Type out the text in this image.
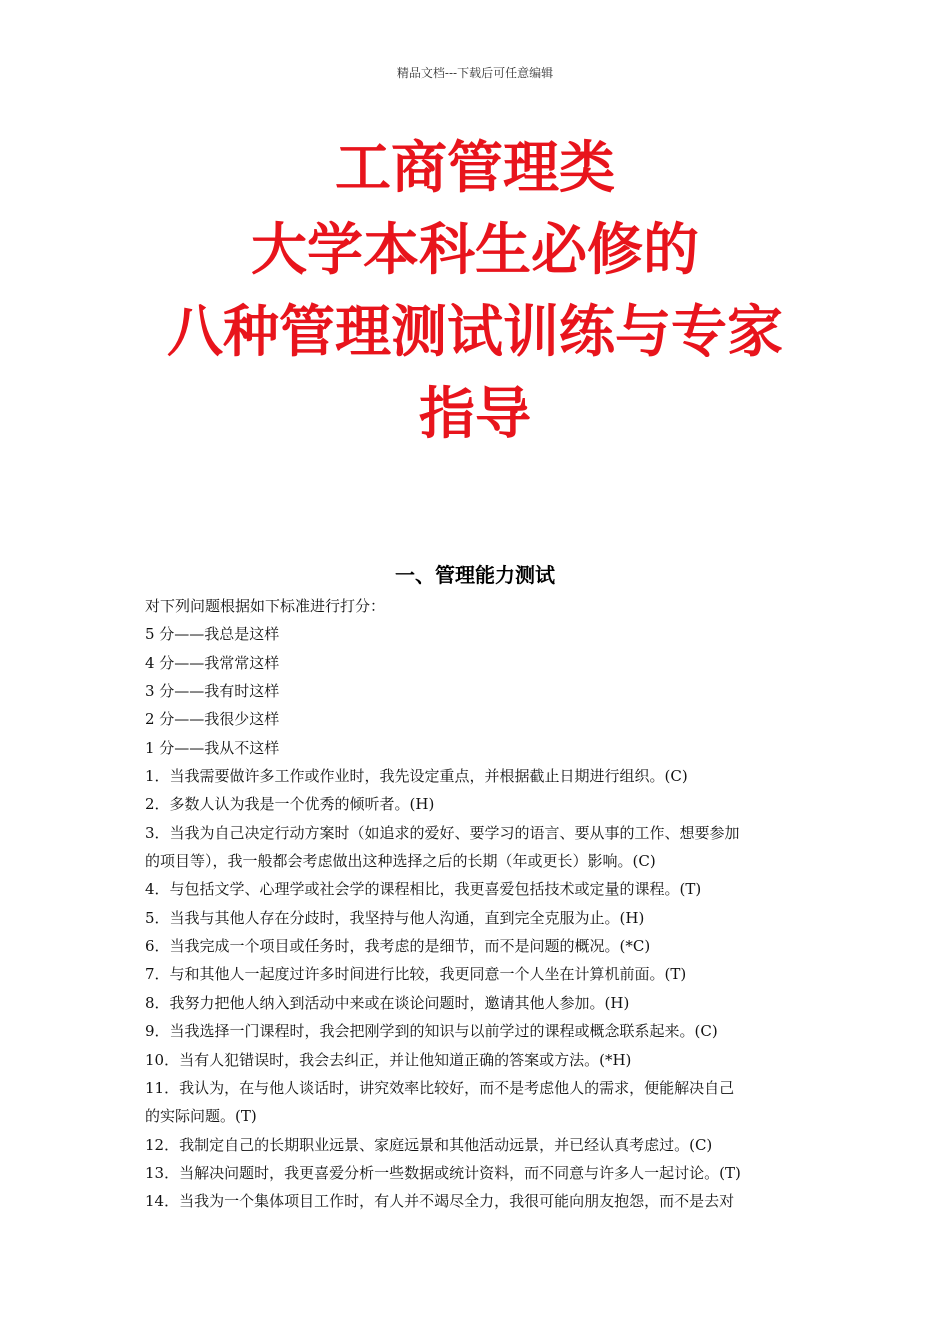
精品文档---下载后可任意编辑
工商管理类
大学本科生必修的
八种管理测试训练与专家
指导
一、管理能力测试
对下列问题根据如下标准进行打分：
5 分——我总是这样
4 分——我常常这样
3 分——我有时这样
2 分——我很少这样
1 分——我从不这样
1．当我需要做许多工作或作业时，我先设定重点，并根据截止日期进行组织。(C)
2．多数人认为我是一个优秀的倾听者。(H)
3．当我为自己决定行动方案时（如追求的爱好、要学习的语言、要从事的工作、想要参加
的项目等），我一般都会考虑做出这种选择之后的长期（年或更长）影响。(C)
4．与包括文学、心理学或社会学的课程相比，我更喜爱包括技术或定量的课程。(T)
5．当我与其他人存在分歧时，我坚持与他人沟通，直到完全克服为止。(H)
6．当我完成一个项目或任务时，我考虑的是细节，而不是问题的概况。(*C)
7．与和其他人一起度过许多时间进行比较，我更同意一个人坐在计算机前面。(T)
8．我努力把他人纳入到活动中来或在谈论问题时，邀请其他人参加。(H)
9．当我选择一门课程时，我会把刚学到的知识与以前学过的课程或概念联系起来。(C)
10．当有人犯错误时，我会去纠正，并让他知道正确的答案或方法。(*H)
11．我认为，在与他人谈话时，讲究效率比较好，而不是考虑他人的需求，便能解决自己
的实际问题。(T)
12．我制定自己的长期职业远景、家庭远景和其他活动远景，并已经认真考虑过。(C)
13．当解决问题时，我更喜爱分析一些数据或统计资料，而不同意与许多人一起讨论。(T)
14．当我为一个集体项目工作时，有人并不竭尽全力，我很可能向朋友抱怨，而不是去对
